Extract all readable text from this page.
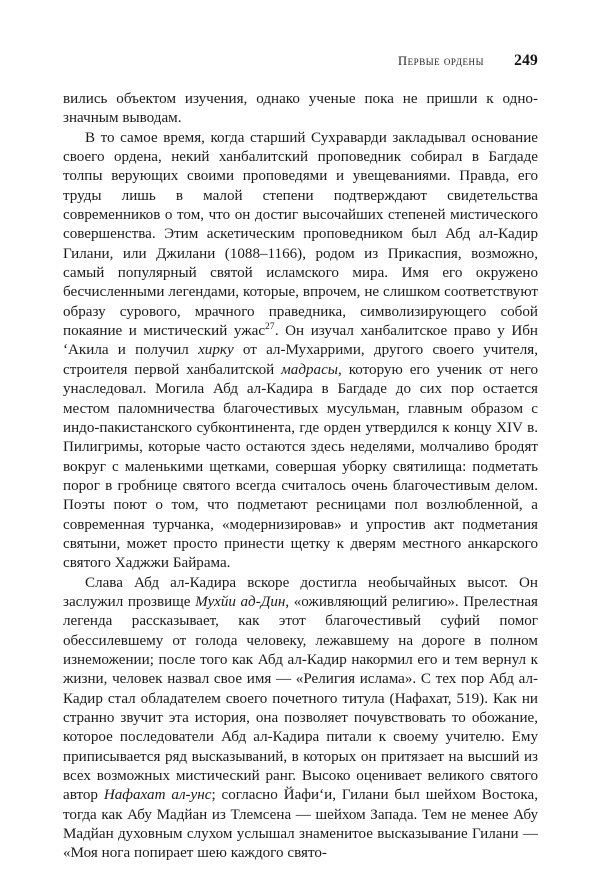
Первые ордены 249

вились объектом изучения, однако ученые пока не пришли к однозначным выводам.

В то самое время, когда старший Сухраварди закладывал основание своего ордена, некий ханбалитский проповедник собирал в Багдаде толпы верующих своими проповедями и увещеваниями. Правда, его труды лишь в малой степени подтверждают свидетельства современников о том, что он достиг высочайших степеней мистического совершенства. Этим аскетическим проповедником был Абд ал-Кадир Гилани, или Джилани (1088–1166), родом из Прикаспия, возможно, самый популярный святой исламского мира. Имя его окружено бесчисленными легендами, которые, впрочем, не слишком соответствуют образу сурового, мрачного праведника, символизирующего собой покаяние и мистический ужас$^{27}$. Он изучал ханбалитское право у Ибн ʻАкила и получил хирку от ал-Мухаррими, другого своего учителя, строителя первой ханбалитской мадрасы, которую его ученик от него унаследовал. Могила Абд ал-Кадира в Багдаде до сих пор остается местом паломничества благочестивых мусульман, главным образом с индо-пакистанского субконтинента, где орден утвердился к концу XIV в. Пилигримы, которые часто остаются здесь неделями, молчаливо бродят вокруг с маленькими щетками, совершая уборку святилища: подметать порог в гробнице святого всегда считалось очень благочестивым делом. Поэты поют о том, что подметают ресницами пол возлюбленной, а современная турчанка, «модернизировав» и упростив акт подметания святыни, может просто принести щетку к дверям местного анкарского святого Хаджжи Байрама.

Слава Абд ал-Кадира вскоре достигла необычайных высот. Он заслужил прозвище Мухйи ад-Дин, «оживляющий религию». Прелестная легенда рассказывает, как этот благочестивый суфий помог обессилевшему от голода человеку, лежавшему на дороге в полном изнеможении; после того как Абд ал-Кадир накормил его и тем вернул к жизни, человек назвал свое имя — «Религия ислама». С тех пор Абд ал-Кадир стал обладателем своего почетного титула (Нафахат, 519). Как ни странно звучит эта история, она позволяет почувствовать то обожание, которое последователи Абд ал-Кадира питали к своему учителю. Ему приписывается ряд высказываний, в которых он притязает на высший из всех возможных мистический ранг. Высоко оценивает великого святого автор Нафахат ал-унс; согласно Йафиʻи, Гилани был шейхом Востока, тогда как Абу Мадйан из Тлемсена — шейхом Запада. Тем не менее Абу Мадйан духовным слухом услышал знаменитое высказывание Гилани — «Моя нога попирает шею каждого свято-
